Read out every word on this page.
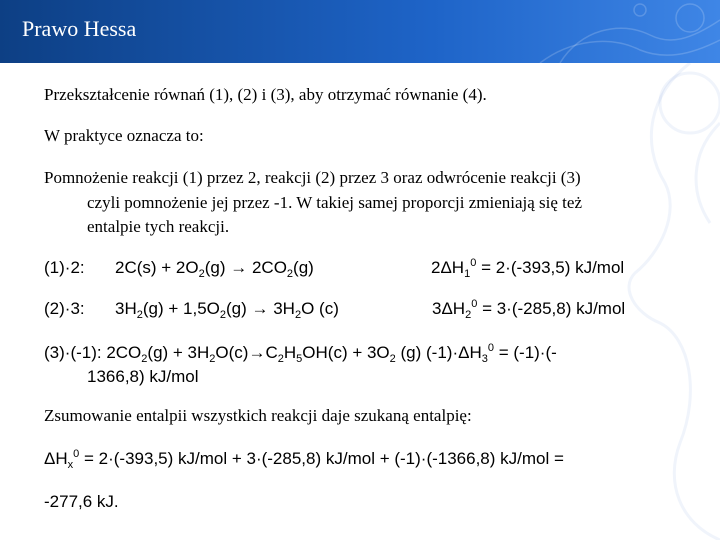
Prawo Hessa
Przekształcenie równań (1), (2) i (3), aby otrzymać równanie (4).
W praktyce oznacza to:
Pomnożenie reakcji (1) przez 2, reakcji (2) przez 3 oraz odwrócenie reakcji (3)
czyli pomnożenie jej przez -1. W takiej samej proporcji zmieniają się też
entalpie tych reakcji.
(1)·2: $2C(s) + 2O_2(g) \to 2CO_2(g)$	$2\Delta H_1^0 = 2\cdot(-393,5)$ kJ/mol
(2)·3: $3H_2(g) + 1,5O_2(g) \to 3H_2O$ (c)	$3\Delta H_2^0 = 3\cdot(-285,8)$ kJ/mol
(3)·(-1): $2CO_2(g) + 3H_2O(c)\to C_2H_5OH(c) + 3O_2$ (g) $(-1)\cdot\Delta H_3^0 = (-1)\cdot(-$
1366,8) kJ/mol
Zsumowanie entalpii wszystkich reakcji daje szukaną entalpię:
$\Delta H_x^0 = 2\cdot(-393,5) kJ/mol + 3\cdot(-285,8) kJ/mol + (-1)\cdot(-1366,8) kJ/mol$ =
-277,6 kJ.
